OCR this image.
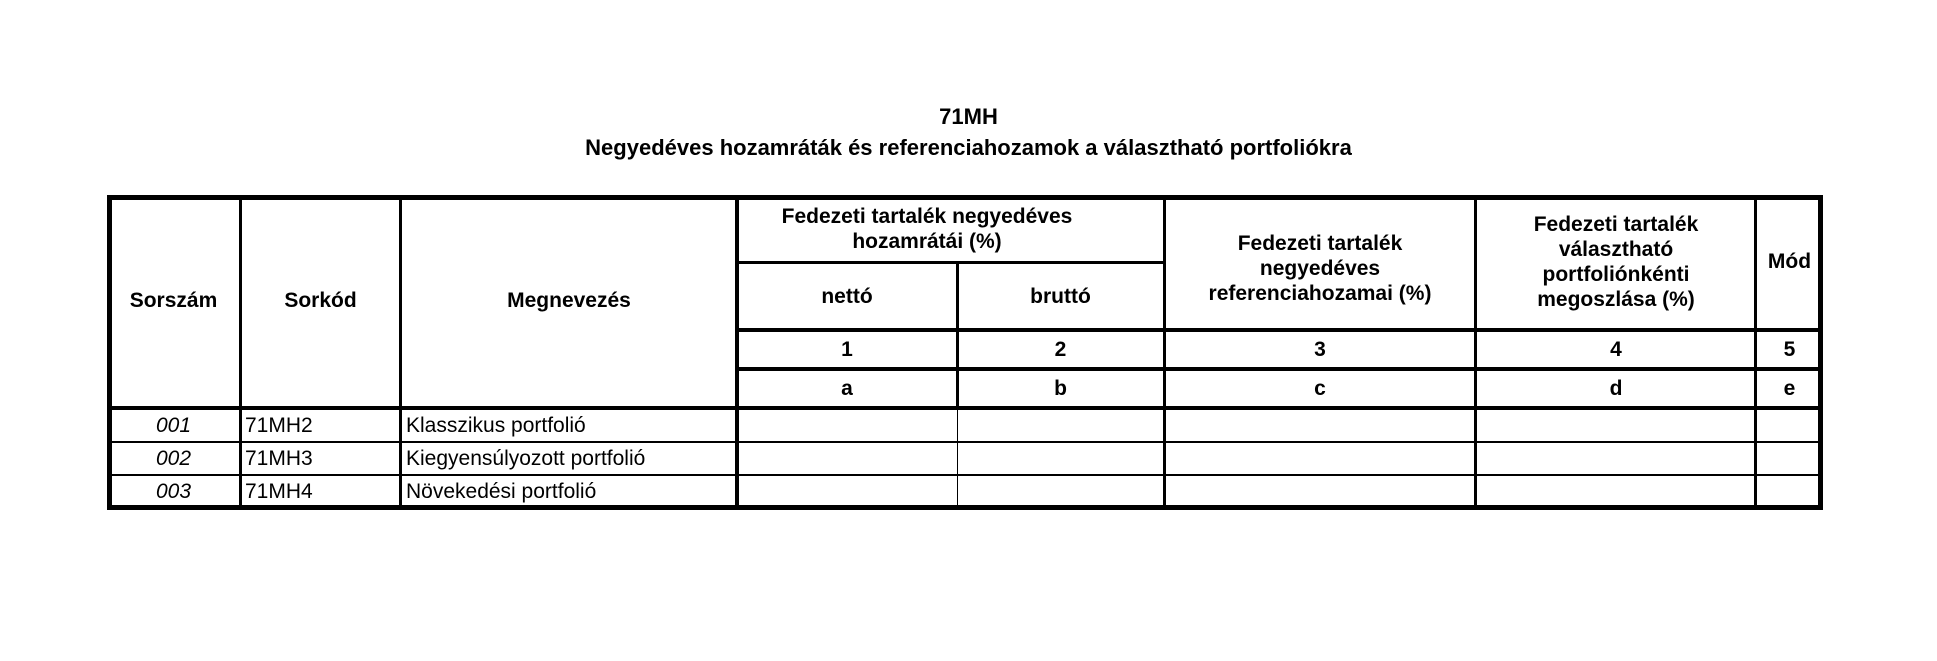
71MH
Negyedéves hozamráták és referenciahozamok a választható portfoliókra
Sorszám	Sorkód	Megnevezés
Fedezeti tartalék negyedéves hozamrátái (%)
nettó	bruttó
Fedezeti tartalék negyedéves referenciahozamai (%)
Fedezeti tartalék választható portfoliónkénti megoszlása (%)
Mód
1	2	3	4	5
a	b	c	d	e
001	71MH2	Klasszikus portfolió
002	71MH3	Kiegyensúlyozott portfolió
003	71MH4	Növekedési portfolió
